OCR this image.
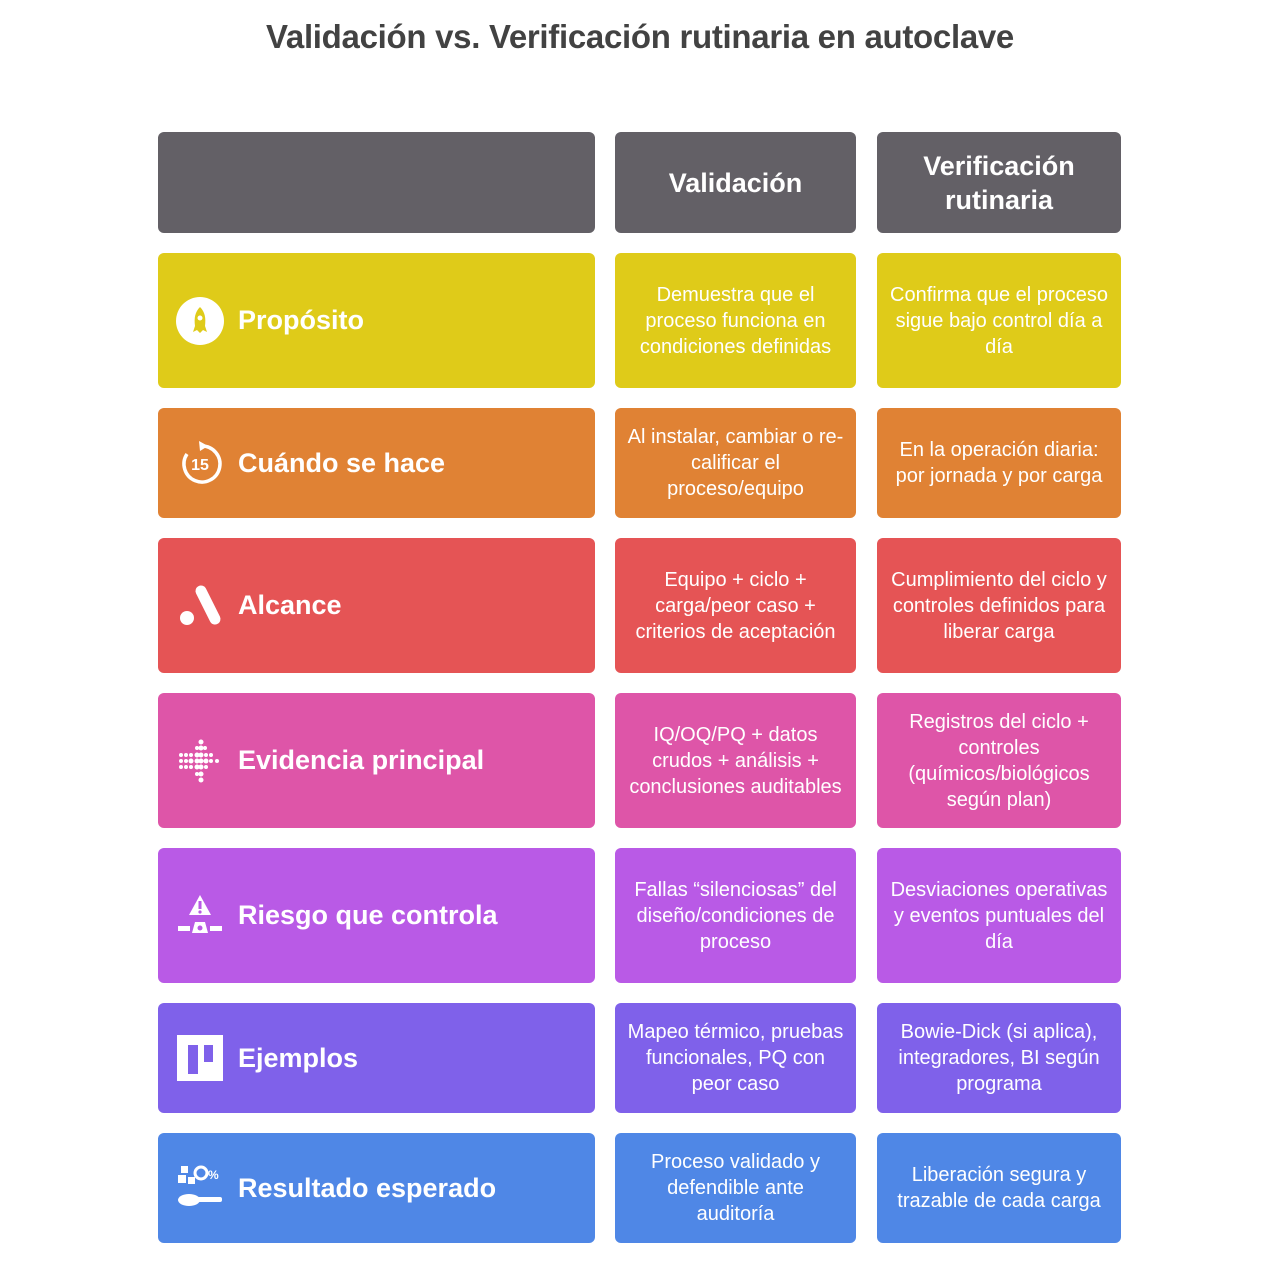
Validación vs. Verificación rutinaria en autoclave
Validación
Verificación rutinaria
Propósito
Demuestra que el proceso funciona en condiciones definidas
Confirma que el proceso sigue bajo control día a día
15 Cuándo se hace
Al instalar, cambiar o re-calificar el proceso/equipo
En la operación diaria: por jornada y por carga
Alcance
Equipo + ciclo + carga/peor caso + criterios de aceptación
Cumplimiento del ciclo y controles definidos para liberar carga
Evidencia principal
IQ/OQ/PQ + datos crudos + análisis + conclusiones auditables
Registros del ciclo + controles (químicos/biológicos según plan)
Riesgo que controla
Fallas “silenciosas” del diseño/condiciones de proceso
Desviaciones operativas y eventos puntuales del día
Ejemplos
Mapeo térmico, pruebas funcionales, PQ con peor caso
Bowie-Dick (si aplica), integradores, BI según programa
% Resultado esperado
Proceso validado y defendible ante auditoría
Liberación segura y trazable de cada carga
